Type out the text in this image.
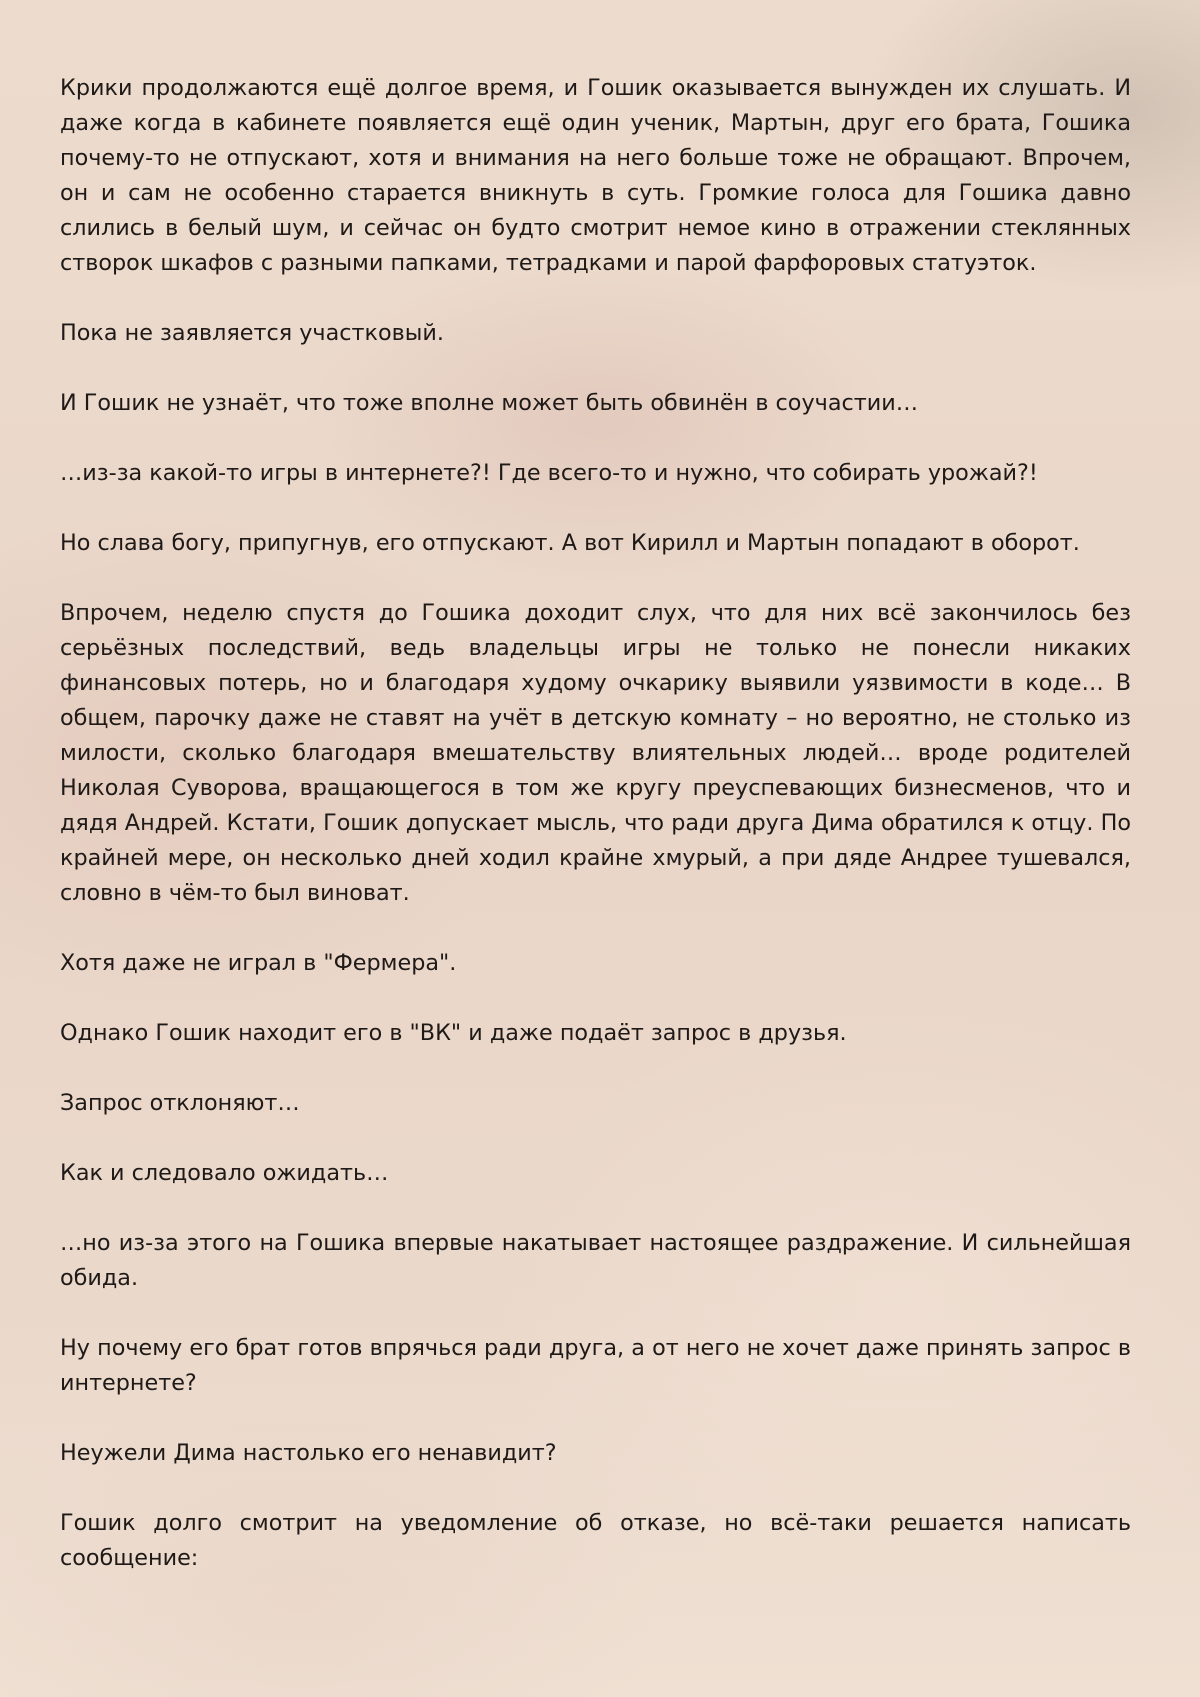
Крики продолжаются ещё долгое время, и Гошик оказывается вынужден их слушать. И даже когда в кабинете появляется ещё один ученик, Мартын, друг его брата, Гошика почему-то не отпускают, хотя и внимания на него больше тоже не обращают. Впрочем, он и сам не особенно старается вникнуть в суть. Громкие голоса для Гошика давно слились в белый шум, и сейчас он будто смотрит немое кино в отражении стеклянных створок шкафов с разными папками, тетрадками и парой фарфоровых статуэток.

Пока не заявляется участковый.

И Гошик не узнаёт, что тоже вполне может быть обвинён в соучастии…

…из-за какой-то игры в интернете?! Где всего-то и нужно, что собирать урожай?!

Но слава богу, припугнув, его отпускают. А вот Кирилл и Мартын попадают в оборот.

Впрочем, неделю спустя до Гошика доходит слух, что для них всё закончилось без серьёзных последствий, ведь владельцы игры не только не понесли никаких финансовых потерь, но и благодаря худому очкарику выявили уязвимости в коде… В общем, парочку даже не ставят на учёт в детскую комнату – но вероятно, не столько из милости, сколько благодаря вмешательству влиятельных людей… вроде родителей Николая Суворова, вращающегося в том же кругу преуспевающих бизнесменов, что и дядя Андрей. Кстати, Гошик допускает мысль, что ради друга Дима обратился к отцу. По крайней мере, он несколько дней ходил крайне хмурый, а при дяде Андрее тушевался, словно в чём-то был виноват.

Хотя даже не играл в "Фермера".

Однако Гошик находит его в "ВК" и даже подаёт запрос в друзья.

Запрос отклоняют…

Как и следовало ожидать…

…но из-за этого на Гошика впервые накатывает настоящее раздражение. И сильнейшая обида.

Ну почему его брат готов впрячься ради друга, а от него не хочет даже принять запрос в интернете?

Неужели Дима настолько его ненавидит?

Гошик долго смотрит на уведомление об отказе, но всё-таки решается написать сообщение:
